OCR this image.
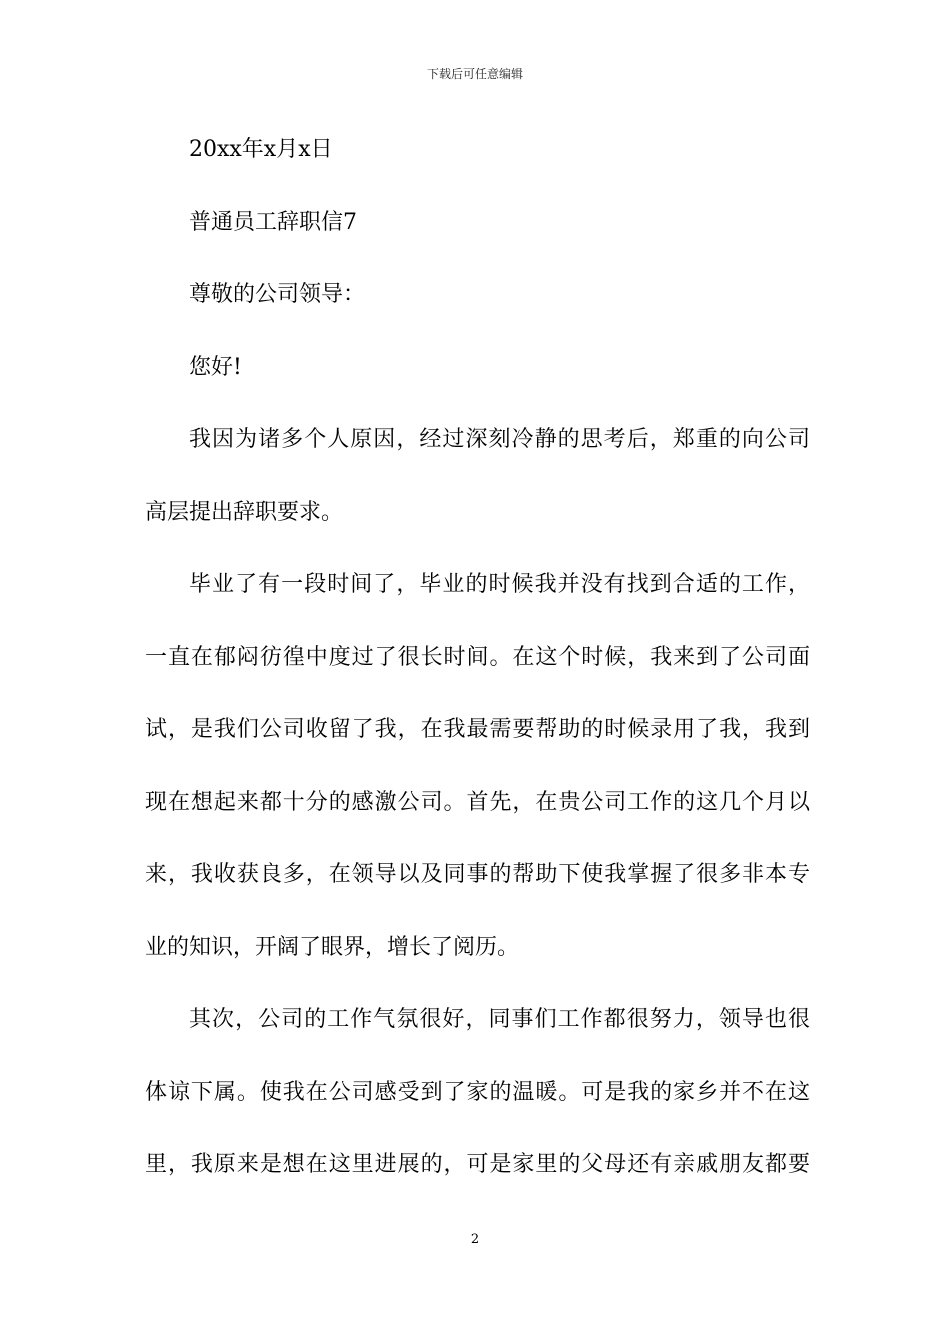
下载后可任意编辑
20xx年x月x日
普通员工辞职信7
尊敬的公司领导：
您好!
我因为诸多个人原因，经过深刻冷静的思考后，郑重的向公司
高层提出辞职要求。
毕业了有一段时间了，毕业的时候我并没有找到合适的工作，
一直在郁闷彷徨中度过了很长时间。在这个时候，我来到了公司面
试，是我们公司收留了我，在我最需要帮助的时候录用了我，我到
现在想起来都十分的感激公司。首先，在贵公司工作的这几个月以
来，我收获良多，在领导以及同事的帮助下使我掌握了很多非本专
业的知识，开阔了眼界，增长了阅历。
其次，公司的工作气氛很好，同事们工作都很努力，领导也很
体谅下属。使我在公司感受到了家的温暖。可是我的家乡并不在这
里，我原来是想在这里进展的，可是家里的父母还有亲戚朋友都要
2
